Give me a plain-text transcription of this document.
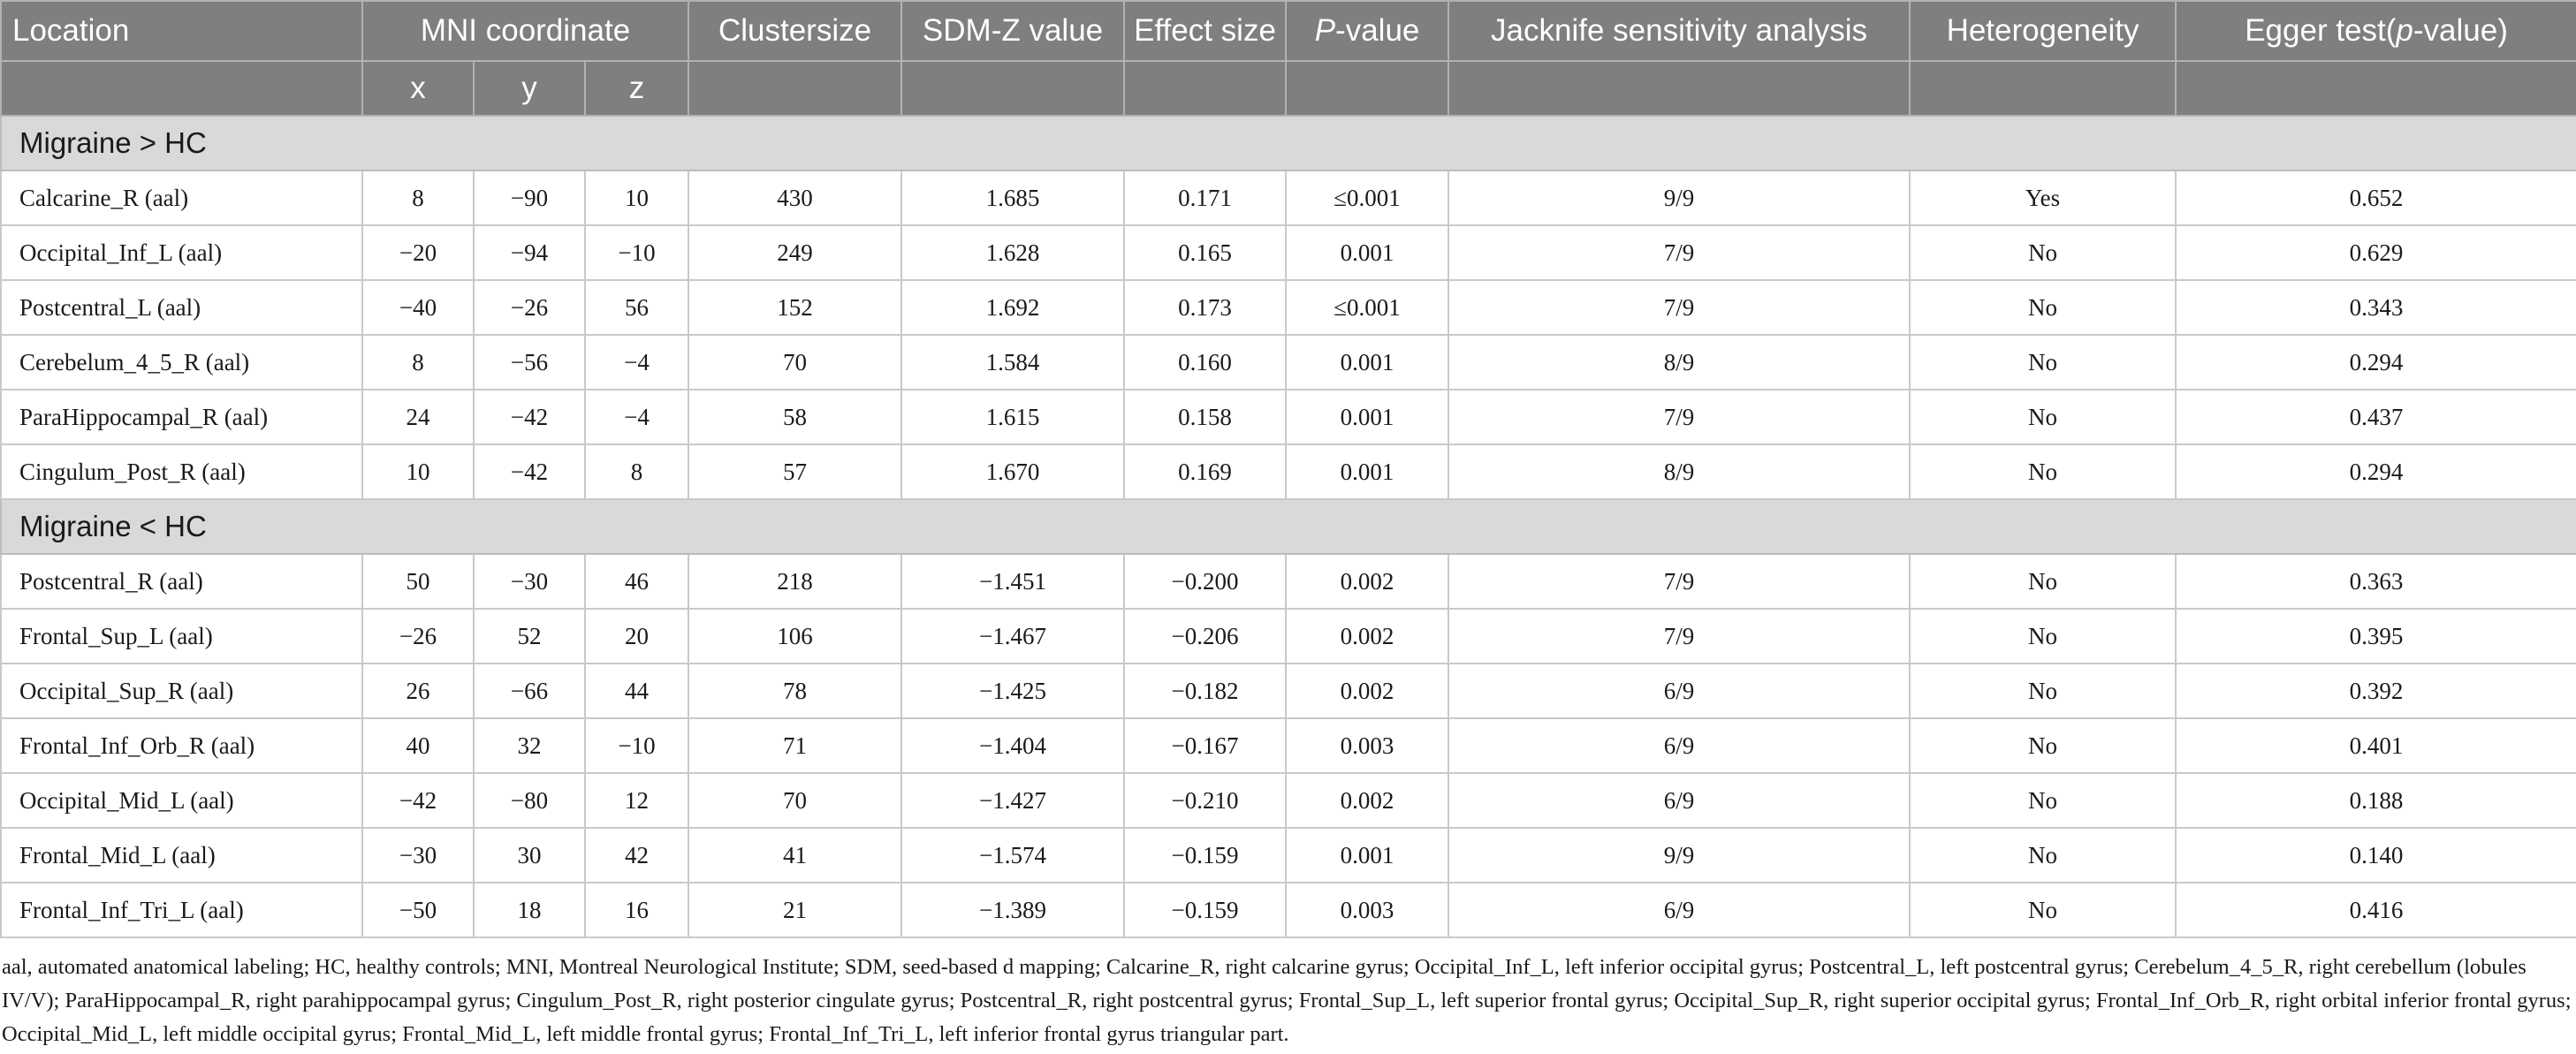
Location	MNI coordinate			Clustersize	SDM-Z value	Effect size	P-value	Jacknife sensitivity analysis	Heterogeneity	Egger test(p-value)
	x	y	z							
Migraine > HC										
Calcarine_R (aal)	8	−90	10	430	1.685	0.171	≤0.001	9/9	Yes	0.652
Occipital_Inf_L (aal)	−20	−94	−10	249	1.628	0.165	0.001	7/9	No	0.629
Postcentral_L (aal)	−40	−26	56	152	1.692	0.173	≤0.001	7/9	No	0.343
Cerebelum_4_5_R (aal)	8	−56	−4	70	1.584	0.160	0.001	8/9	No	0.294
ParaHippocampal_R (aal)	24	−42	−4	58	1.615	0.158	0.001	7/9	No	0.437
Cingulum_Post_R (aal)	10	−42	8	57	1.670	0.169	0.001	8/9	No	0.294
Migraine < HC										
Postcentral_R (aal)	50	−30	46	218	−1.451	−0.200	0.002	7/9	No	0.363
Frontal_Sup_L (aal)	−26	52	20	106	−1.467	−0.206	0.002	7/9	No	0.395
Occipital_Sup_R (aal)	26	−66	44	78	−1.425	−0.182	0.002	6/9	No	0.392
Frontal_Inf_Orb_R (aal)	40	32	−10	71	−1.404	−0.167	0.003	6/9	No	0.401
Occipital_Mid_L (aal)	−42	−80	12	70	−1.427	−0.210	0.002	6/9	No	0.188
Frontal_Mid_L (aal)	−30	30	42	41	−1.574	−0.159	0.001	9/9	No	0.140
Frontal_Inf_Tri_L (aal)	−50	18	16	21	−1.389	−0.159	0.003	6/9	No	0.416
aal, automated anatomical labeling; HC, healthy controls; MNI, Montreal Neurological Institute; SDM, seed-based d mapping; Calcarine_R, right calcarine gyrus; Occipital_Inf_L, left inferior occipital gyrus; Postcentral_L, left postcentral gyrus; Cerebelum_4_5_R, right cerebellum (lobules IV/V); ParaHippocampal_R, right parahippocampal gyrus; Cingulum_Post_R, right posterior cingulate gyrus; Postcentral_R, right postcentral gyrus; Frontal_Sup_L, left superior frontal gyrus; Occipital_Sup_R, right superior occipital gyrus; Frontal_Inf_Orb_R, right orbital inferior frontal gyrus; Occipital_Mid_L, left middle occipital gyrus; Frontal_Mid_L, left middle frontal gyrus; Frontal_Inf_Tri_L, left inferior frontal gyrus triangular part.
